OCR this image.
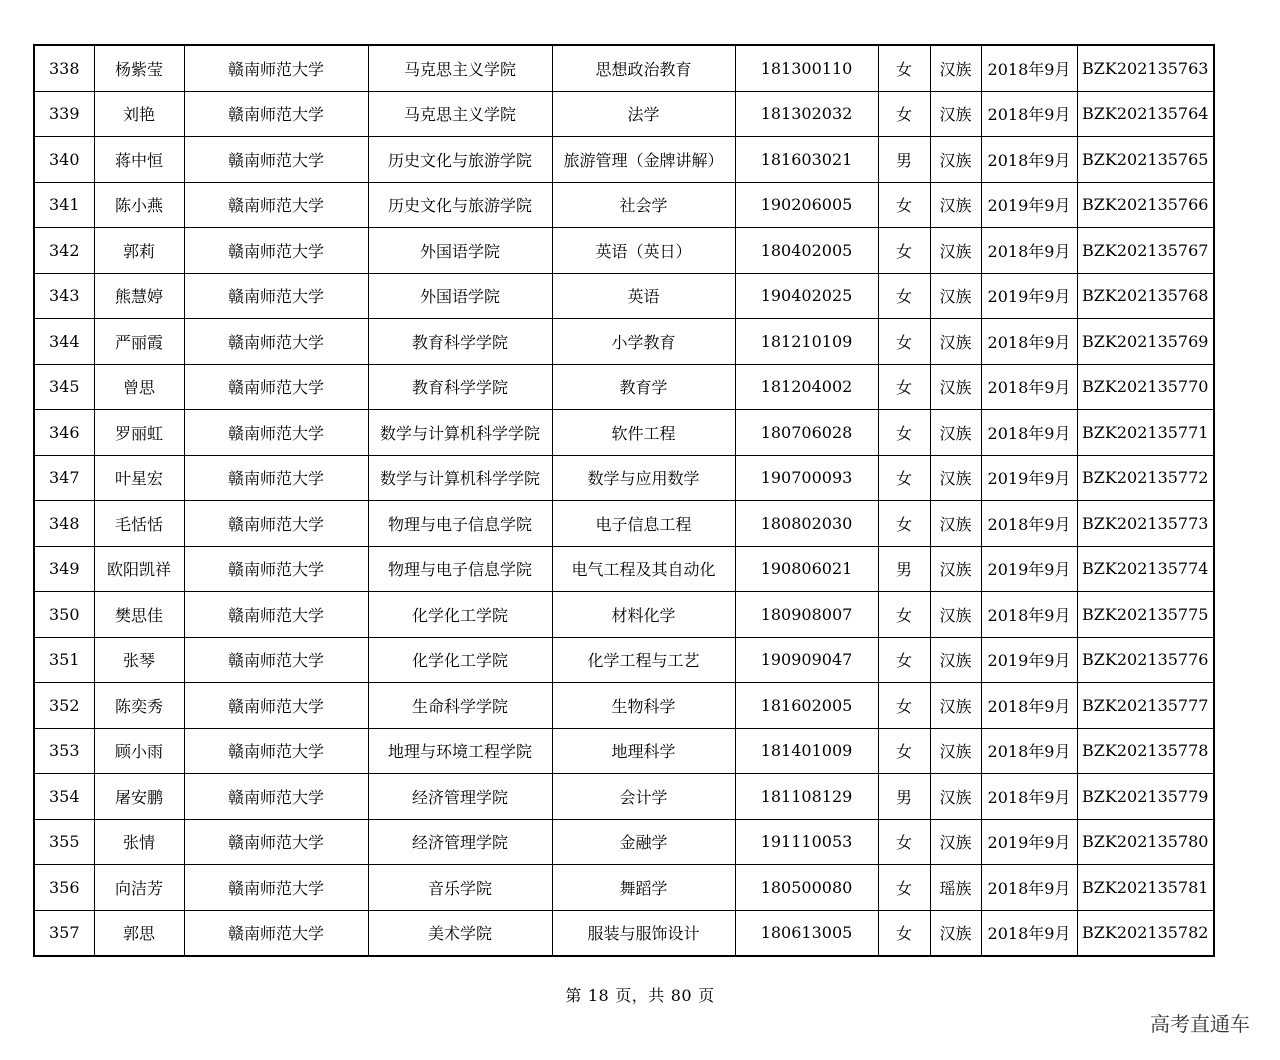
338	杨紫莹	赣南师范大学	马克思主义学院	思想政治教育	181300110	女	汉族	2018年9月	BZK202135763
339	刘艳	赣南师范大学	马克思主义学院	法学	181302032	女	汉族	2018年9月	BZK202135764
340	蒋中恒	赣南师范大学	历史文化与旅游学院	旅游管理（金牌讲解）	181603021	男	汉族	2018年9月	BZK202135765
341	陈小燕	赣南师范大学	历史文化与旅游学院	社会学	190206005	女	汉族	2019年9月	BZK202135766
342	郭莉	赣南师范大学	外国语学院	英语（英日）	180402005	女	汉族	2018年9月	BZK202135767
343	熊慧婷	赣南师范大学	外国语学院	英语	190402025	女	汉族	2019年9月	BZK202135768
344	严丽霞	赣南师范大学	教育科学学院	小学教育	181210109	女	汉族	2018年9月	BZK202135769
345	曾思	赣南师范大学	教育科学学院	教育学	181204002	女	汉族	2018年9月	BZK202135770
346	罗丽虹	赣南师范大学	数学与计算机科学学院	软件工程	180706028	女	汉族	2018年9月	BZK202135771
347	叶星宏	赣南师范大学	数学与计算机科学学院	数学与应用数学	190700093	女	汉族	2019年9月	BZK202135772
348	毛恬恬	赣南师范大学	物理与电子信息学院	电子信息工程	180802030	女	汉族	2018年9月	BZK202135773
349	欧阳凯祥	赣南师范大学	物理与电子信息学院	电气工程及其自动化	190806021	男	汉族	2019年9月	BZK202135774
350	樊思佳	赣南师范大学	化学化工学院	材料化学	180908007	女	汉族	2018年9月	BZK202135775
351	张琴	赣南师范大学	化学化工学院	化学工程与工艺	190909047	女	汉族	2019年9月	BZK202135776
352	陈奕秀	赣南师范大学	生命科学学院	生物科学	181602005	女	汉族	2018年9月	BZK202135777
353	顾小雨	赣南师范大学	地理与环境工程学院	地理科学	181401009	女	汉族	2018年9月	BZK202135778
354	屠安鹏	赣南师范大学	经济管理学院	会计学	181108129	男	汉族	2018年9月	BZK202135779
355	张情	赣南师范大学	经济管理学院	金融学	191110053	女	汉族	2019年9月	BZK202135780
356	向洁芳	赣南师范大学	音乐学院	舞蹈学	180500080	女	瑶族	2018年9月	BZK202135781
357	郭思	赣南师范大学	美术学院	服装与服饰设计	180613005	女	汉族	2018年9月	BZK202135782
第 18 页，共 80 页
高考直通车
